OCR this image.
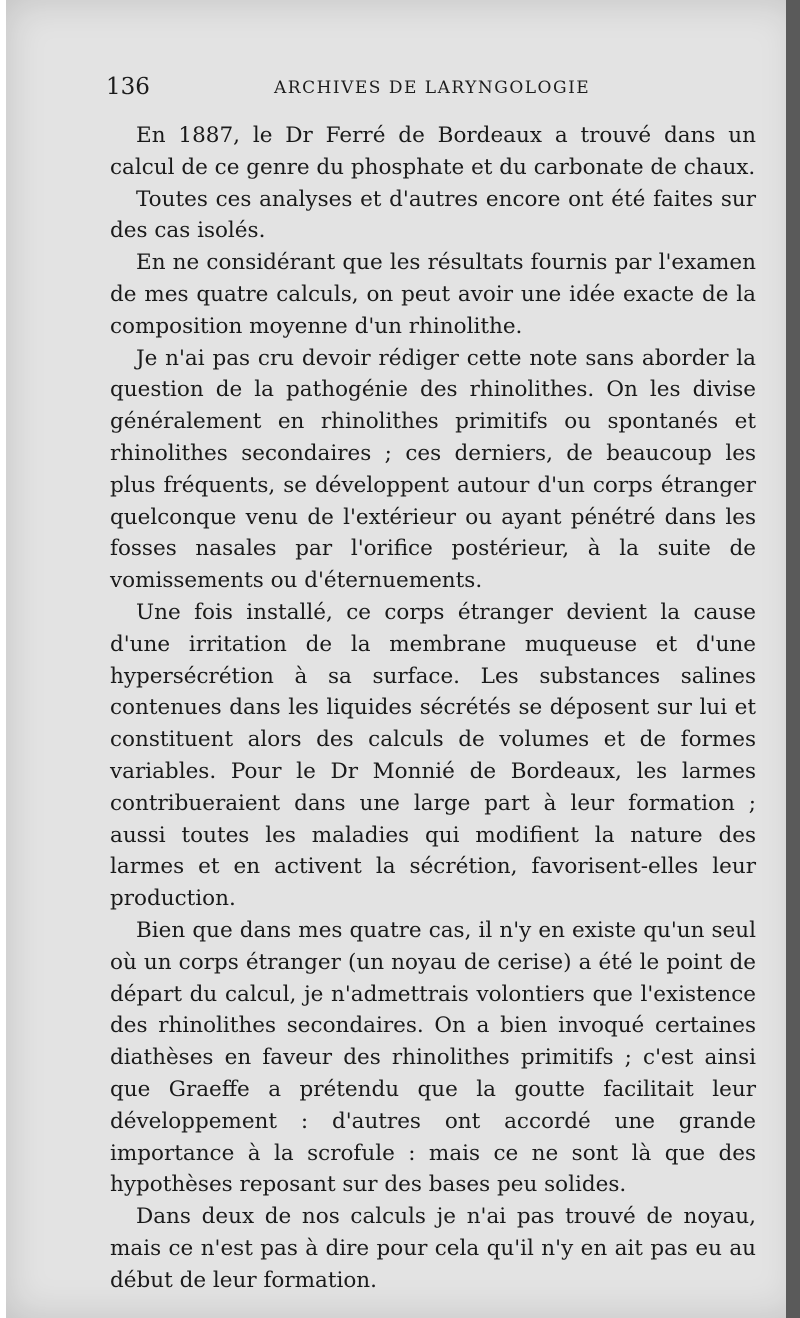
136	ARCHIVES DE LARYNGOLOGIE

En 1887, le Dr Ferré de Bordeaux a trouvé dans un calcul de ce genre du phosphate et du carbonate de chaux.

Toutes ces analyses et d'autres encore ont été faites sur des cas isolés.

En ne considérant que les résultats fournis par l'examen de mes quatre calculs, on peut avoir une idée exacte de la composition moyenne d'un rhinolithe.

Je n'ai pas cru devoir rédiger cette note sans aborder la question de la pathogénie des rhinolithes. On les divise généralement en rhinolithes primitifs ou spontanés et rhinolithes secondaires ; ces derniers, de beaucoup les plus fréquents, se développent autour d'un corps étranger quelconque venu de l'extérieur ou ayant pénétré dans les fosses nasales par l'orifice postérieur, à la suite de vomissements ou d'éternuements.

Une fois installé, ce corps étranger devient la cause d'une irritation de la membrane muqueuse et d'une hypersécrétion à sa surface. Les substances salines contenues dans les liquides sécrétés se déposent sur lui et constituent alors des calculs de volumes et de formes variables. Pour le Dr Monnié de Bordeaux, les larmes contribueraient dans une large part à leur formation ; aussi toutes les maladies qui modifient la nature des larmes et en activent la sécrétion, favorisent-elles leur production.

Bien que dans mes quatre cas, il n'y en existe qu'un seul où un corps étranger (un noyau de cerise) a été le point de départ du calcul, je n'admettrais volontiers que l'existence des rhinolithes secondaires. On a bien invoqué certaines diathèses en faveur des rhinolithes primitifs ; c'est ainsi que Graeffe a prétendu que la goutte facilitait leur développement : d'autres ont accordé une grande importance à la scrofule : mais ce ne sont là que des hypothèses reposant sur des bases peu solides.

Dans deux de nos calculs je n'ai pas trouvé de noyau, mais ce n'est pas à dire pour cela qu'il n'y en ait pas eu au début de leur formation.
